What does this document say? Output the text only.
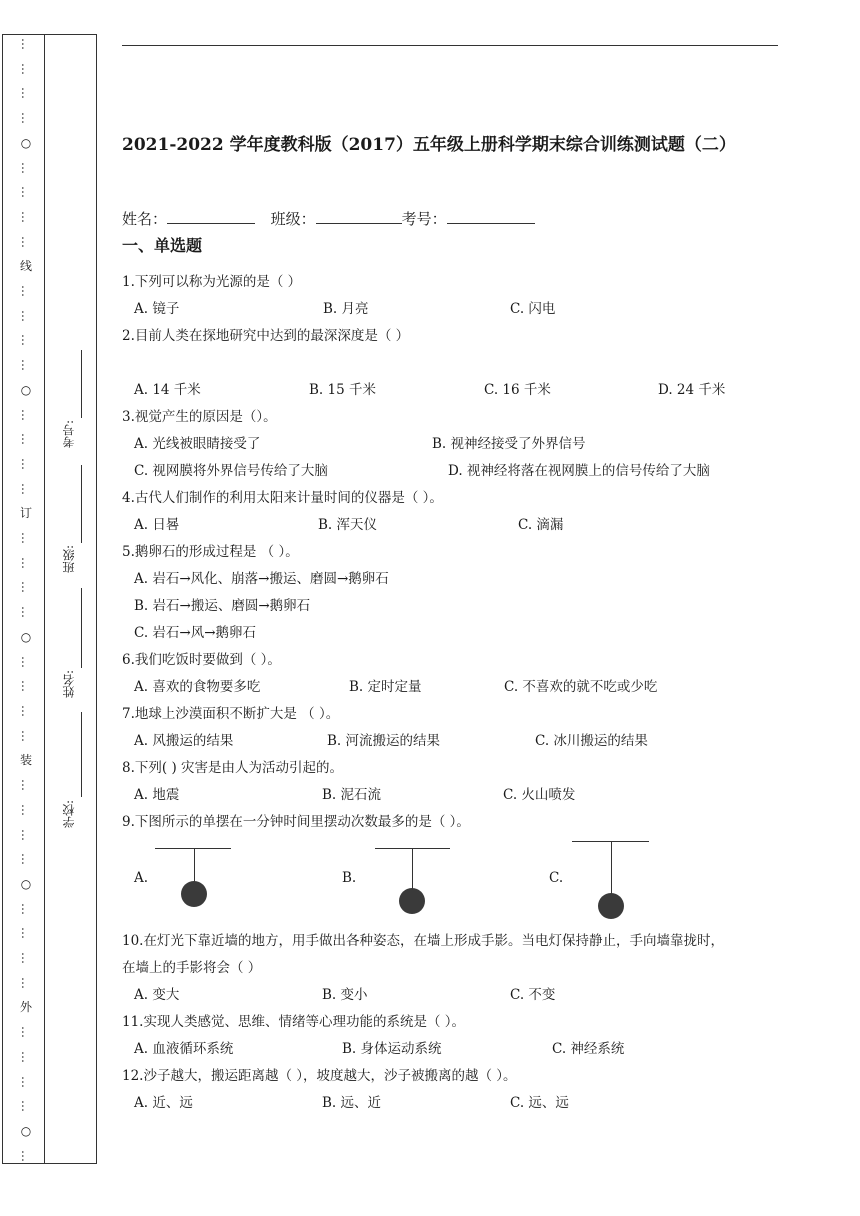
…
…
…
…
○
…
…
…
…
线
…
…
…
…
○
…
…
…
…
订
…
…
…
…
○
…
…
…
…
装
…
…
…
…
○
…
…
…
…
外
…
…
…
…
○
…
考号:
班级:
姓名:
学校:
2021-2022 学年度教科版（2017）五年级上册科学期末综合训练测试题（二）
姓名：	班级：	考号：
一、单选题
1.下列可以称为光源的是（ ）
A. 镜子	B. 月亮	C. 闪电
2.目前人类在探地研究中达到的最深深度是（ ）
A. 14 千米	B. 15 千米	C. 16 千米	D. 24 千米
3.视觉产生的原因是（）。
A. 光线被眼睛接受了	B. 视神经接受了外界信号
C. 视网膜将外界信号传给了大脑	D. 视神经将落在视网膜上的信号传给了大脑
4.古代人们制作的利用太阳来计量时间的仪器是（ ）。
A. 日晷	B. 浑天仪	C. 滴漏
5.鹅卵石的形成过程是 （ ）。
A. 岩石→风化、崩落→搬运、磨圆→鹅卵石
B. 岩石→搬运、磨圆→鹅卵石
C. 岩石→风→鹅卵石
6.我们吃饭时要做到（ ）。
A. 喜欢的食物要多吃	B. 定时定量	C. 不喜欢的就不吃或少吃
7.地球上沙漠面积不断扩大是 （ ）。
A. 风搬运的结果	B. 河流搬运的结果	C. 冰川搬运的结果
8.下列( ) 灾害是由人为活动引起的。
A. 地震	B. 泥石流	C. 火山喷发
9.下图所示的单摆在一分钟时间里摆动次数最多的是（ ）。
A.	B.	C.
10.在灯光下靠近墙的地方，用手做出各种姿态，在墙上形成手影。当电灯保持静止，手向墙靠拢时，
在墙上的手影将会（ ）
A. 变大	B. 变小	C. 不变
11.实现人类感觉、思维、情绪等心理功能的系统是（ ）。
A. 血液循环系统	B. 身体运动系统	C. 神经系统
12.沙子越大，搬运距离越（ ），坡度越大，沙子被搬离的越（ ）。
A. 近、远	B. 远、近	C. 远、远
